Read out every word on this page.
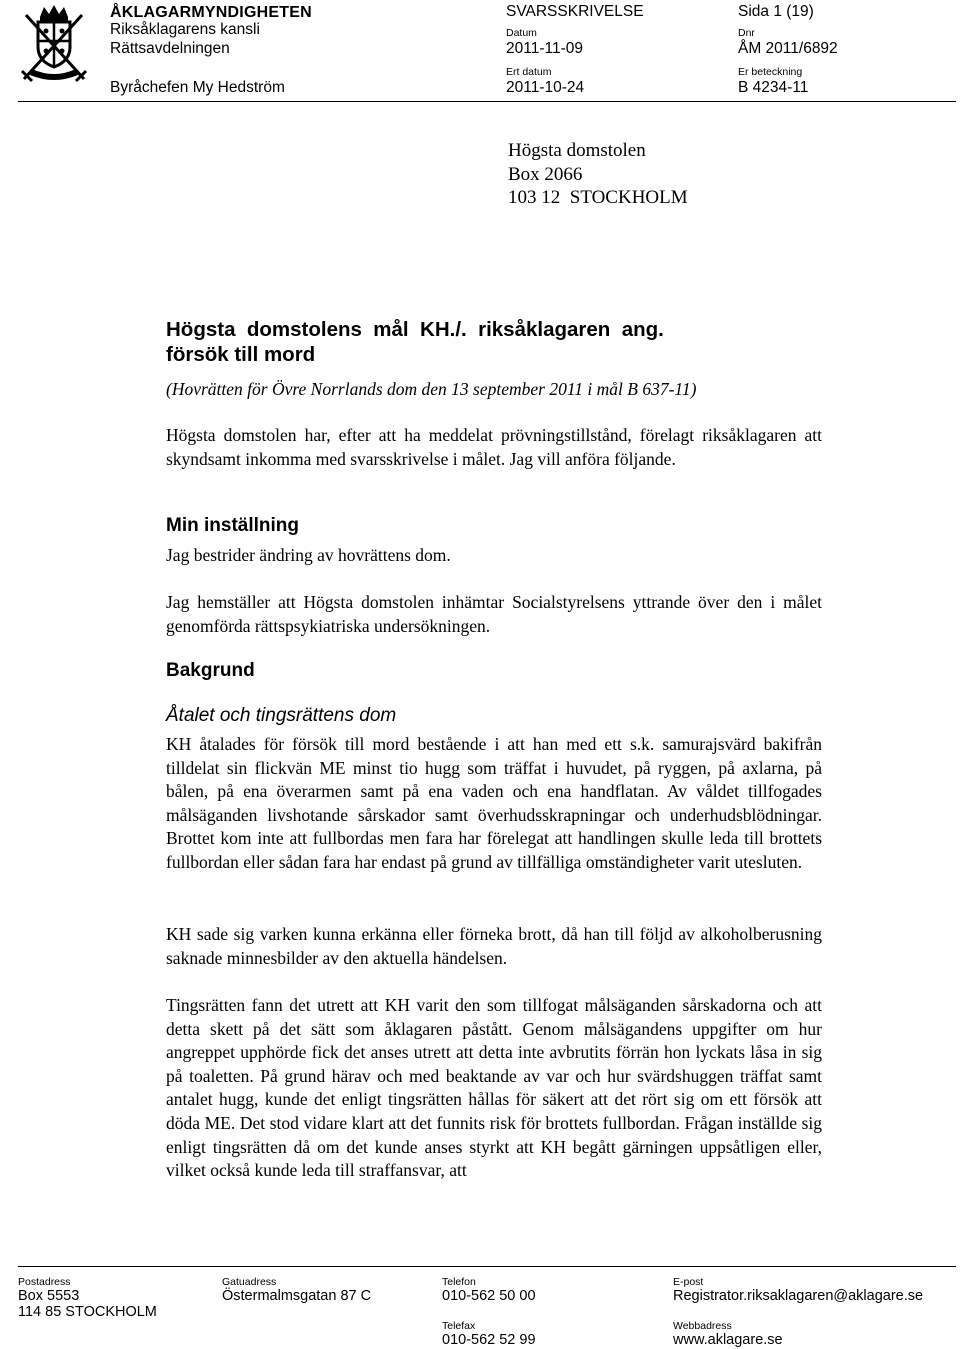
ÅKLAGARMYNDIGHETEN
Riksåklagarens kansli
Rättsavdelningen
Byråchefen My Hedström
SVARSSKRIVELSE
Datum
2011-11-09
Ert datum
2011-10-24
Sida 1 (19)
Dnr
ÅM 2011/6892
Er beteckning
B 4234-11
Högsta domstolen
Box 2066
103 12  STOCKHOLM
Högsta  domstolens  mål  KH./.  riksåklagaren  ang.
försök till mord
(Hovrätten för Övre Norrlands dom den 13 september 2011 i mål B 637-11)
Högsta domstolen har, efter att ha meddelat prövningstillstånd, förelagt riksåklagaren att skyndsamt inkomma med svarsskrivelse i målet. Jag vill anföra följande.
Min inställning
Jag bestrider ändring av hovrättens dom.
Jag hemställer att Högsta domstolen inhämtar Socialstyrelsens yttrande över den i målet genomförda rättspsykiatriska undersökningen.
Bakgrund
Åtalet och tingsrättens dom
KH åtalades för försök till mord bestående i att han med ett s.k. samurajsvärd bakifrån tilldelat sin flickvän ME minst tio hugg som träffat i huvudet, på ryggen, på axlarna, på bålen, på ena överarmen samt på ena vaden och ena handflatan. Av våldet tillfogades målsäganden livshotande sårskador samt överhudsskrapningar och underhudsblödningar. Brottet kom inte att fullbordas men fara har förelegat att handlingen skulle leda till brottets fullbordan eller sådan fara har endast på grund av tillfälliga omständigheter varit utesluten.
KH sade sig varken kunna erkänna eller förneka brott, då han till följd av alkoholberusning saknade minnesbilder av den aktuella händelsen.
Tingsrätten fann det utrett att KH varit den som tillfogat målsäganden sårskadorna och att detta skett på det sätt som åklagaren påstått. Genom målsägandens uppgifter om hur angreppet upphörde fick det anses utrett att detta inte avbrutits förrän hon lyckats låsa in sig på toaletten. På grund härav och med beaktande av var och hur svärdshuggen träffat samt antalet hugg, kunde det enligt tingsrätten hållas för säkert att det rört sig om ett försök att döda ME. Det stod vidare klart att det funnits risk för brottets fullbordan. Frågan inställde sig enligt tingsrätten då om det kunde anses styrkt att KH begått gärningen uppsåtligen eller, vilket också kunde leda till straffansvar, att
Postadress
Box 5553
114 85 STOCKHOLM
Gatuadress
Östermalmsgatan 87 C
Telefon
010-562 50 00
Telefax
010-562 52 99
E-post
Registrator.riksaklagaren@aklagare.se
Webbadress
www.aklagare.se
